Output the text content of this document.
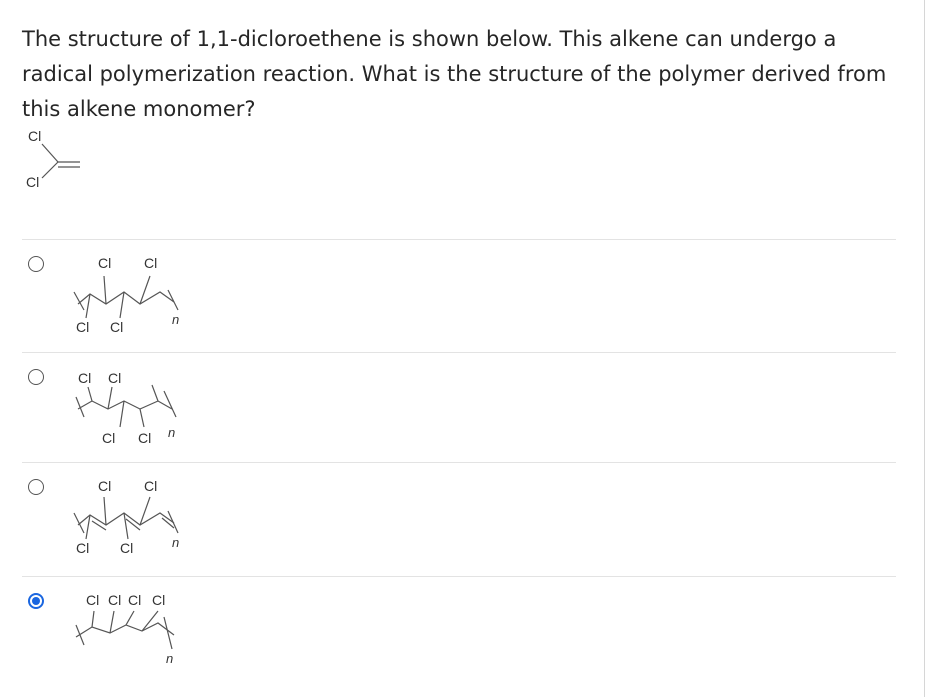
The structure of 1,1-dicloroethene is shown below. This alkene can undergo a radical polymerization reaction. What is the structure of the polymer derived from this alkene monomer?

Cl
Cl
Cl Cl
Cl Cl	n
Cl Cl
Cl Cl n
Cl Cl
Cl Cl	n
Cl Cl Cl Cl
n
